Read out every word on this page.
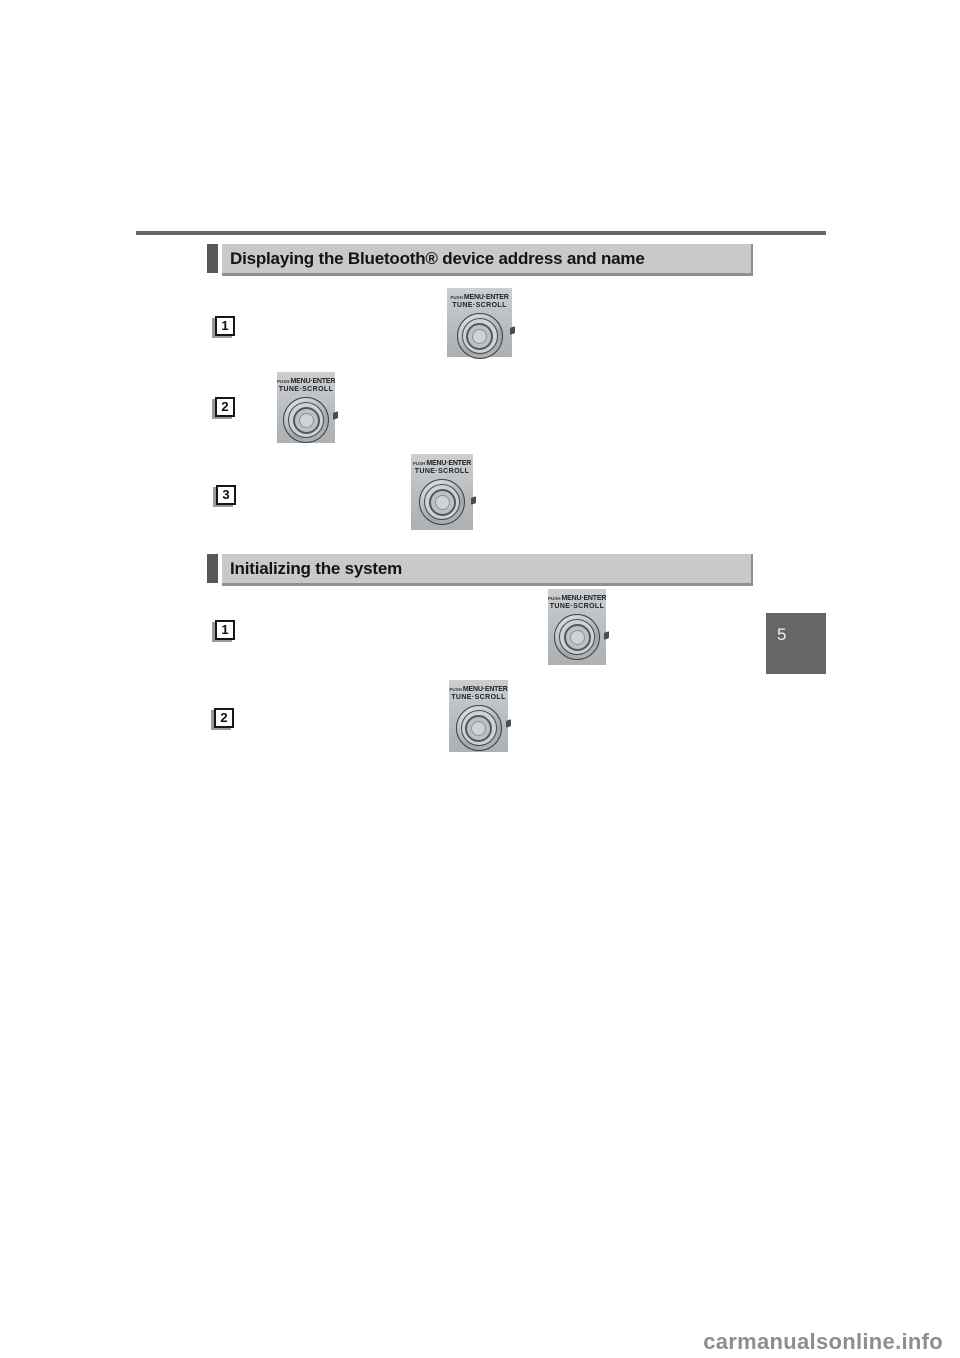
Displaying the Bluetooth® device address and name
1
2
3
PUSHMENU·ENTER
TUNE·SCROLL
PUSHMENU·ENTER
TUNE·SCROLL
PUSHMENU·ENTER
TUNE·SCROLL
Initializing the system
1
2
PUSHMENU·ENTER
TUNE·SCROLL
PUSHMENU·ENTER
TUNE·SCROLL
5
carmanualsonline.info
